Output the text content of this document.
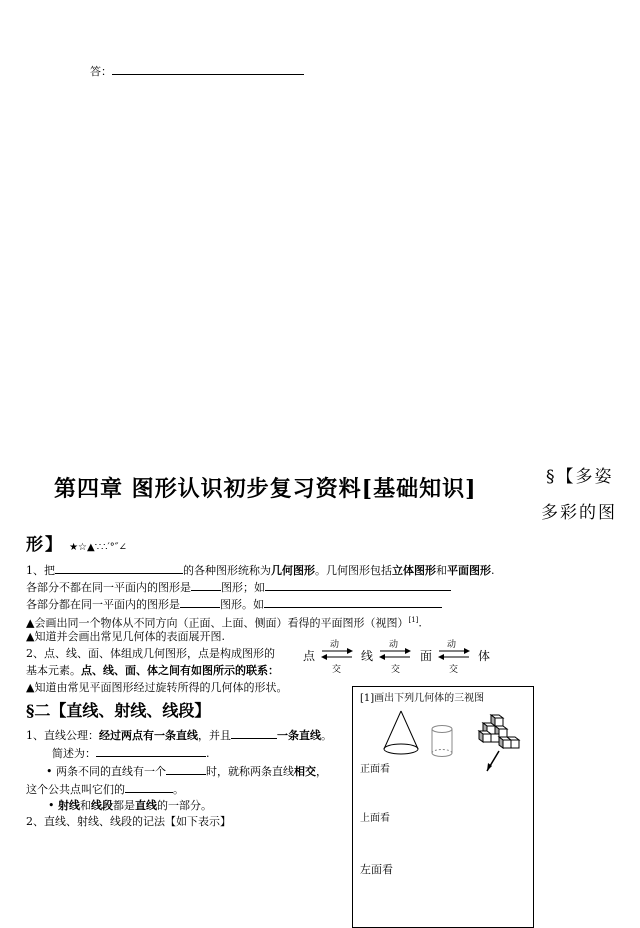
答：
第四章 图形认识初步复习资料[基础知识]	§【多姿
多彩的图
形】 ★☆▲∵∴′°″∠
1、把	的各种图形统称为几何图形。几何图形包括立体图形和平面图形.
各部分不都在同一平面内的图形是	图形；如
各部分都在同一平面内的图形是	图形。如
▲会画出同一个物体从不同方向（正面、上面、侧面）看得的平面图形（视图）[1].
▲知道并会画出常见几何体的表面展开图.
2、点、线、面、体组成几何图形，点是构成图形的
基本元素。点、线、面、体之间有如图所示的联系：
▲知道由常见平面图形经过旋转所得的几何体的形状。
点	线	面	体
动
交
动
交
动
交
§二【直线、射线、线段】
1、直线公理：经过两点有一条直线，并且	一条直线。
简述为：	.
• 两条不同的直线有一个	时，就称两条直线相交，
这个公共点叫它们的	。
• 射线和线段都是直线的一部分。
2、直线、射线、线段的记法【如下表示】
[1]画出下列几何体的三视图
正面看
上面看
左面看
